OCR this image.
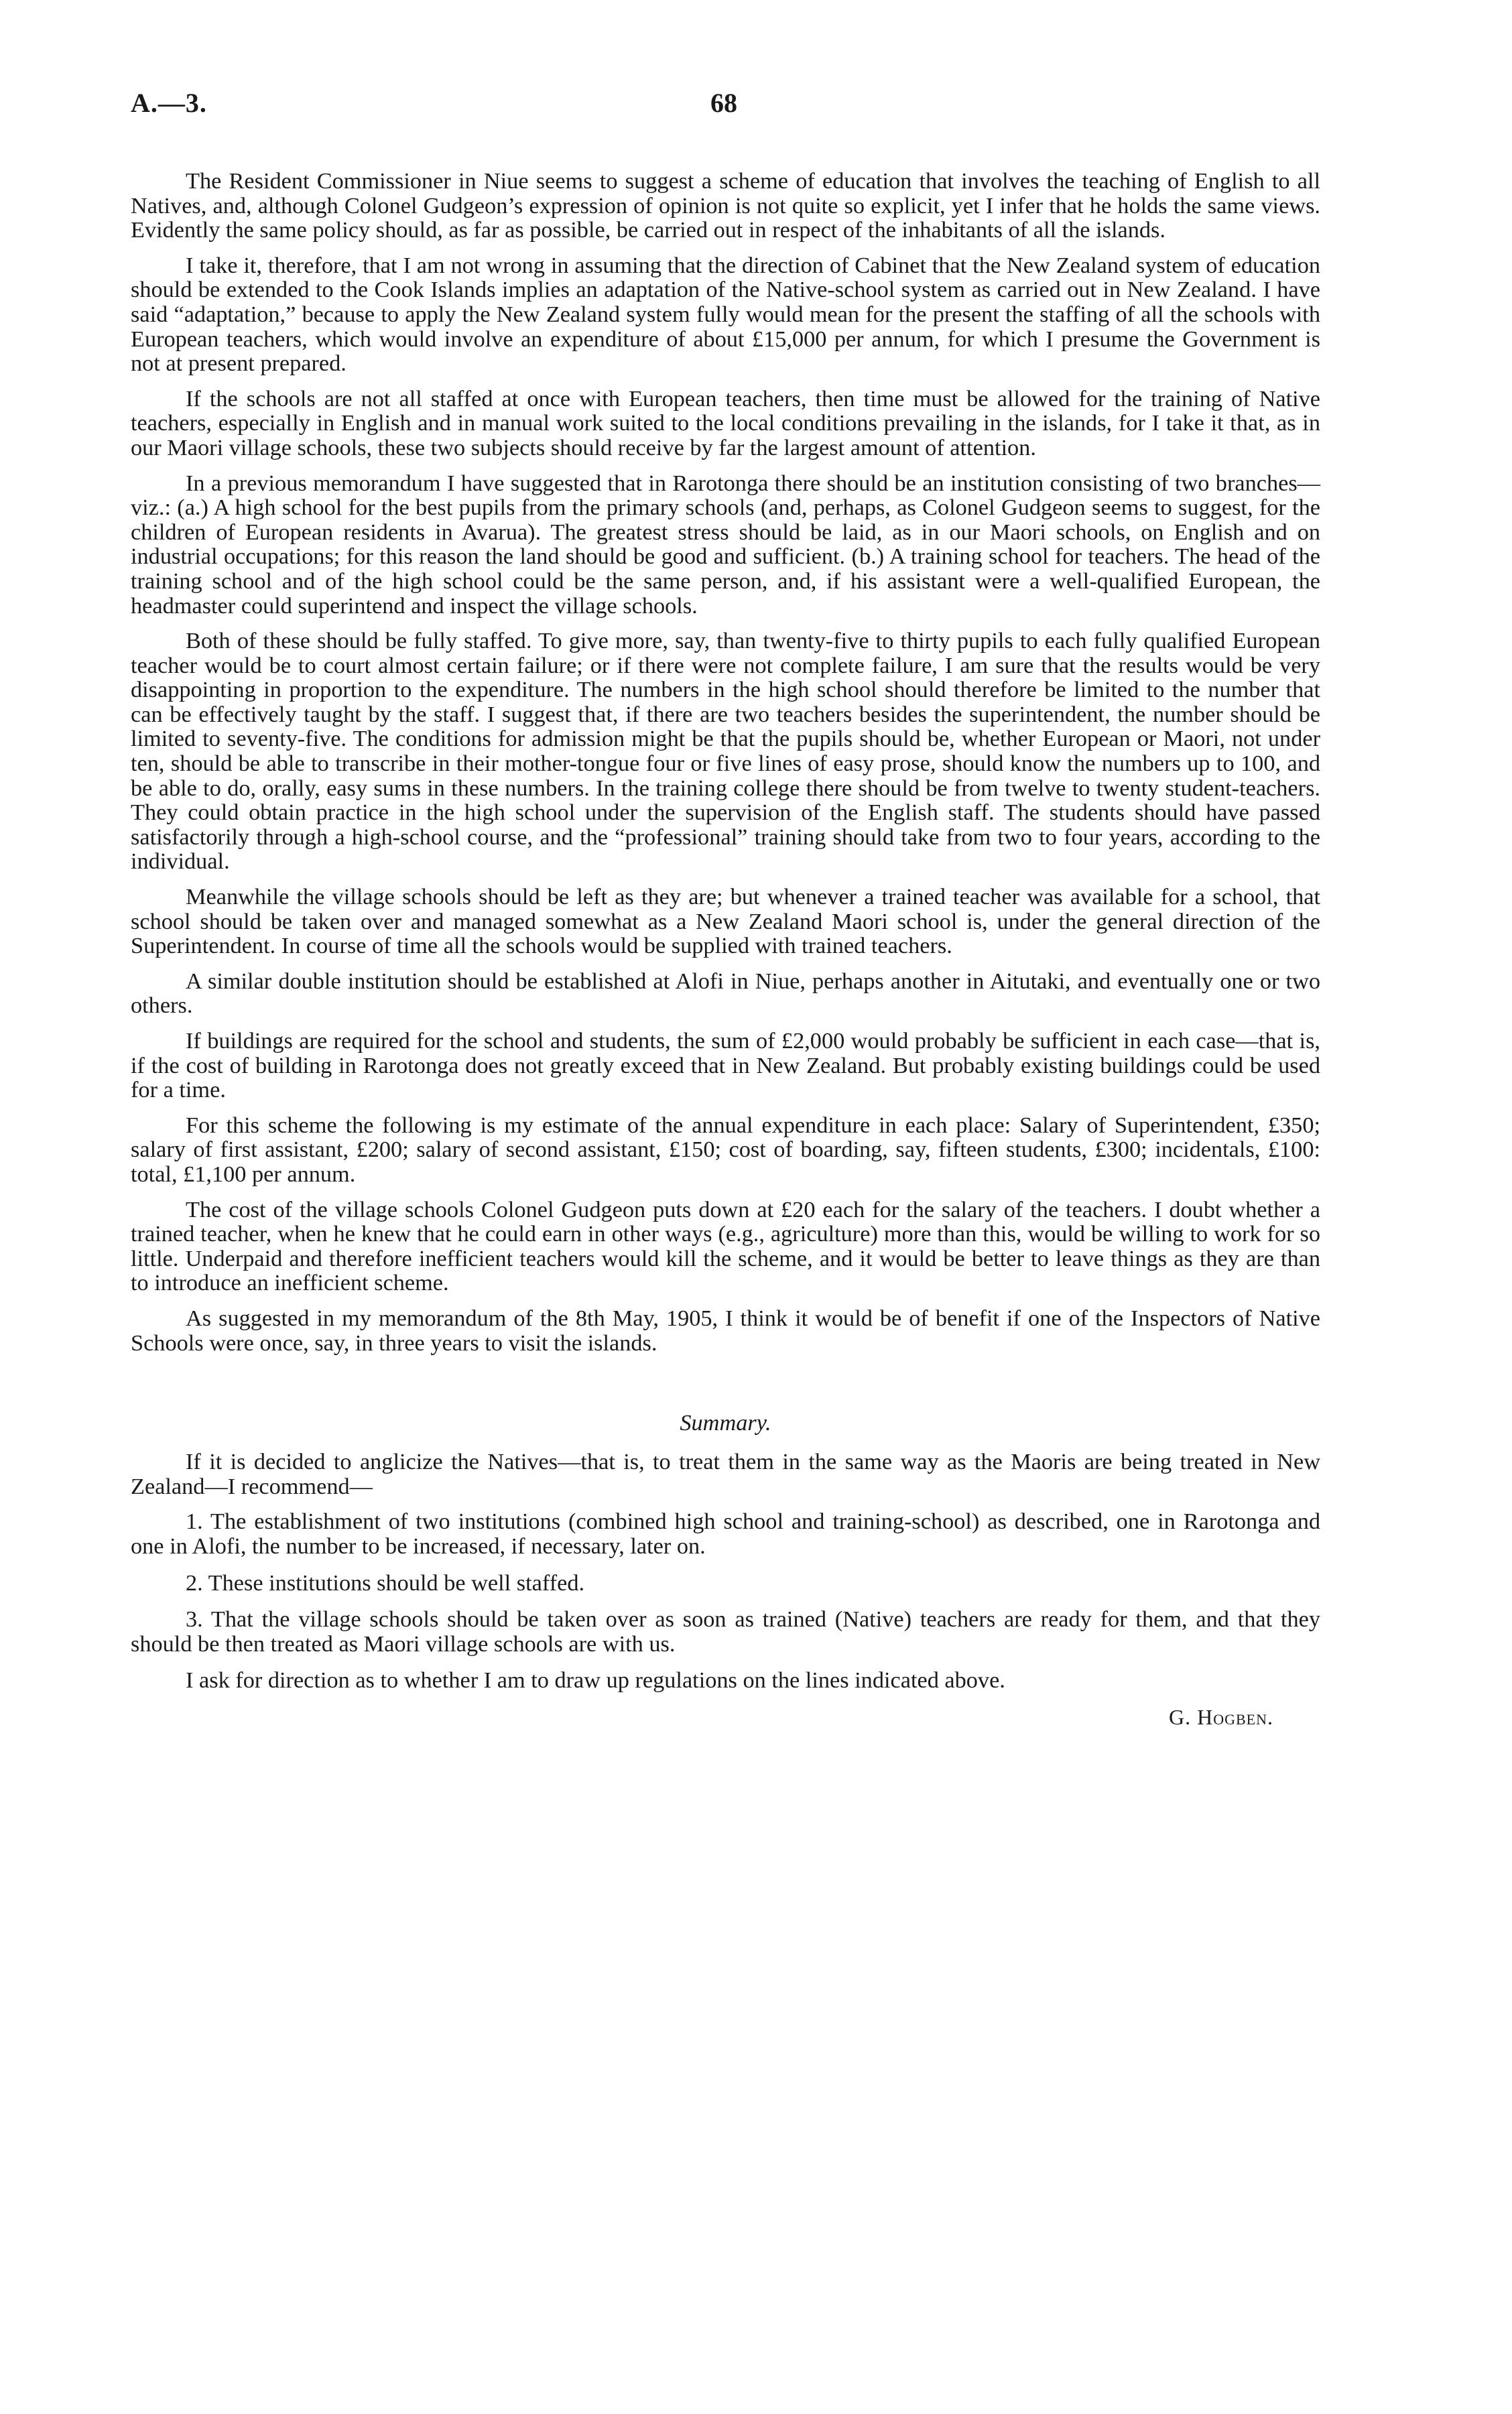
A.—3.	68

The Resident Commissioner in Niue seems to suggest a scheme of education that involves the teaching of English to all Natives, and, although Colonel Gudgeon’s expression of opinion is not quite so explicit, yet I infer that he holds the same views. Evidently the same policy should, as far as possible, be carried out in respect of the inhabitants of all the islands.

I take it, therefore, that I am not wrong in assuming that the direction of Cabinet that the New Zealand system of education should be extended to the Cook Islands implies an adaptation of the Native-school system as carried out in New Zealand. I have said “adaptation,” because to apply the New Zealand system fully would mean for the present the staffing of all the schools with European teachers, which would involve an expenditure of about £15,000 per annum, for which I presume the Government is not at present prepared.

If the schools are not all staffed at once with European teachers, then time must be allowed for the training of Native teachers, especially in English and in manual work suited to the local conditions prevailing in the islands, for I take it that, as in our Maori village schools, these two subjects should receive by far the largest amount of attention.

In a previous memorandum I have suggested that in Rarotonga there should be an institution consisting of two branches—viz.: (a.) A high school for the best pupils from the primary schools (and, perhaps, as Colonel Gudgeon seems to suggest, for the children of European residents in Avarua). The greatest stress should be laid, as in our Maori schools, on English and on industrial occupations; for this reason the land should be good and sufficient. (b.) A training school for teachers. The head of the training school and of the high school could be the same person, and, if his assistant were a well-qualified European, the headmaster could superintend and inspect the village schools.

Both of these should be fully staffed. To give more, say, than twenty-five to thirty pupils to each fully qualified European teacher would be to court almost certain failure; or if there were not complete failure, I am sure that the results would be very disappointing in proportion to the expenditure. The numbers in the high school should therefore be limited to the number that can be effectively taught by the staff. I suggest that, if there are two teachers besides the superintendent, the number should be limited to seventy-five. The conditions for admission might be that the pupils should be, whether European or Maori, not under ten, should be able to transcribe in their mother-tongue four or five lines of easy prose, should know the numbers up to 100, and be able to do, orally, easy sums in these numbers. In the training college there should be from twelve to twenty student-teachers. They could obtain practice in the high school under the supervision of the English staff. The students should have passed satisfactorily through a high-school course, and the “professional” training should take from two to four years, according to the individual.

Meanwhile the village schools should be left as they are; but whenever a trained teacher was available for a school, that school should be taken over and managed somewhat as a New Zealand Maori school is, under the general direction of the Superintendent. In course of time all the schools would be supplied with trained teachers.

A similar double institution should be established at Alofi in Niue, perhaps another in Aitutaki, and eventually one or two others.

If buildings are required for the school and students, the sum of £2,000 would probably be sufficient in each case—that is, if the cost of building in Rarotonga does not greatly exceed that in New Zealand. But probably existing buildings could be used for a time.

For this scheme the following is my estimate of the annual expenditure in each place: Salary of Superintendent, £350; salary of first assistant, £200; salary of second assistant, £150; cost of boarding, say, fifteen students, £300; incidentals, £100: total, £1,100 per annum.

The cost of the village schools Colonel Gudgeon puts down at £20 each for the salary of the teachers. I doubt whether a trained teacher, when he knew that he could earn in other ways (e.g., agriculture) more than this, would be willing to work for so little. Underpaid and therefore inefficient teachers would kill the scheme, and it would be better to leave things as they are than to introduce an inefficient scheme.

As suggested in my memorandum of the 8th May, 1905, I think it would be of benefit if one of the Inspectors of Native Schools were once, say, in three years to visit the islands.

Summary.

If it is decided to anglicize the Natives—that is, to treat them in the same way as the Maoris are being treated in New Zealand—I recommend—

1. The establishment of two institutions (combined high school and training-school) as described, one in Rarotonga and one in Alofi, the number to be increased, if necessary, later on.

2. These institutions should be well staffed.

3. That the village schools should be taken over as soon as trained (Native) teachers are ready for them, and that they should be then treated as Maori village schools are with us.

I ask for direction as to whether I am to draw up regulations on the lines indicated above.

G. Hogben.
